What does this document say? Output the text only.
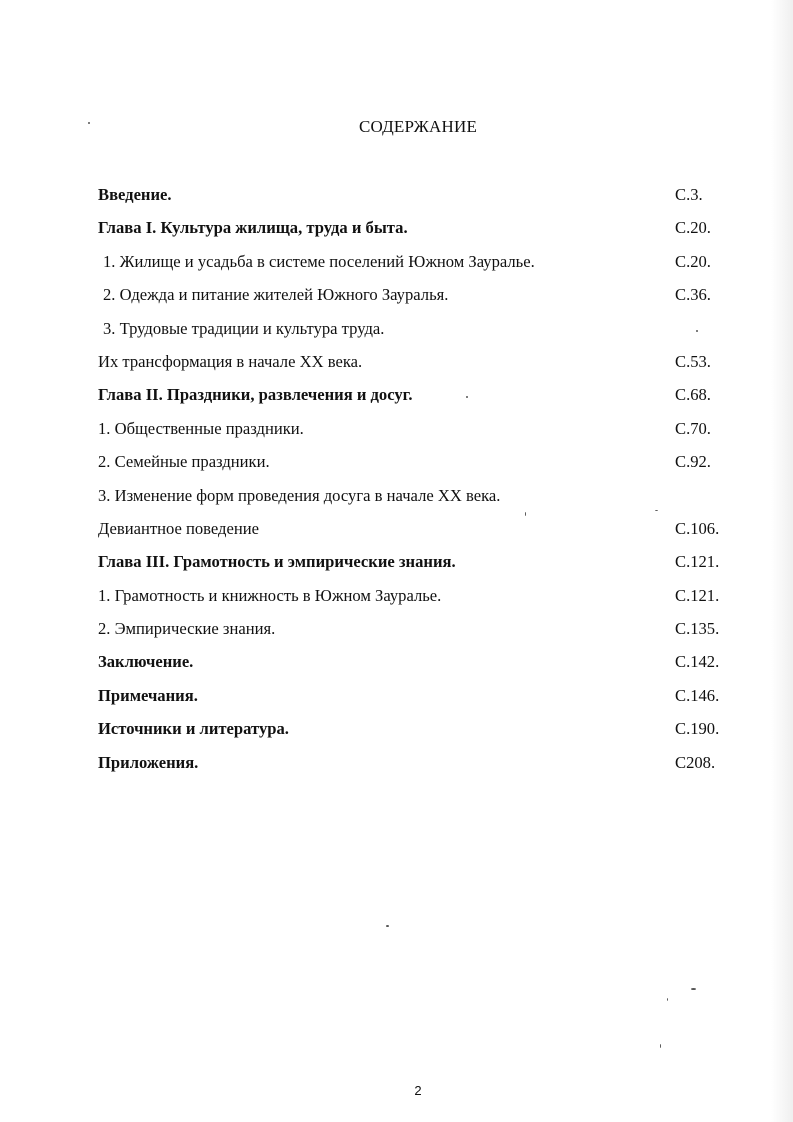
СОДЕРЖАНИЕ
Введение.	С.3.
Глава I. Культура жилища, труда и быта.	С.20.
1. Жилище и усадьба в системе поселений Южном Зауралье.	С.20.
2. Одежда и питание жителей Южного Зауралья.	С.36.
3. Трудовые традиции и культура труда.
Их трансформация в начале XX века.	С.53.
Глава II. Праздники, развлечения и досуг.	С.68.
1. Общественные праздники.	С.70.
2. Семейные праздники.	С.92.
3. Изменение форм проведения досуга в начале XX века.
Девиантное поведение	С.106.
Глава III. Грамотность и эмпирические знания.	С.121.
1. Грамотность и книжность в Южном Зауралье.	С.121.
2. Эмпирические знания.	С.135.
Заключение.	С.142.
Примечания.	С.146.
Источники и литература.	С.190.
Приложения.	С208.
2
